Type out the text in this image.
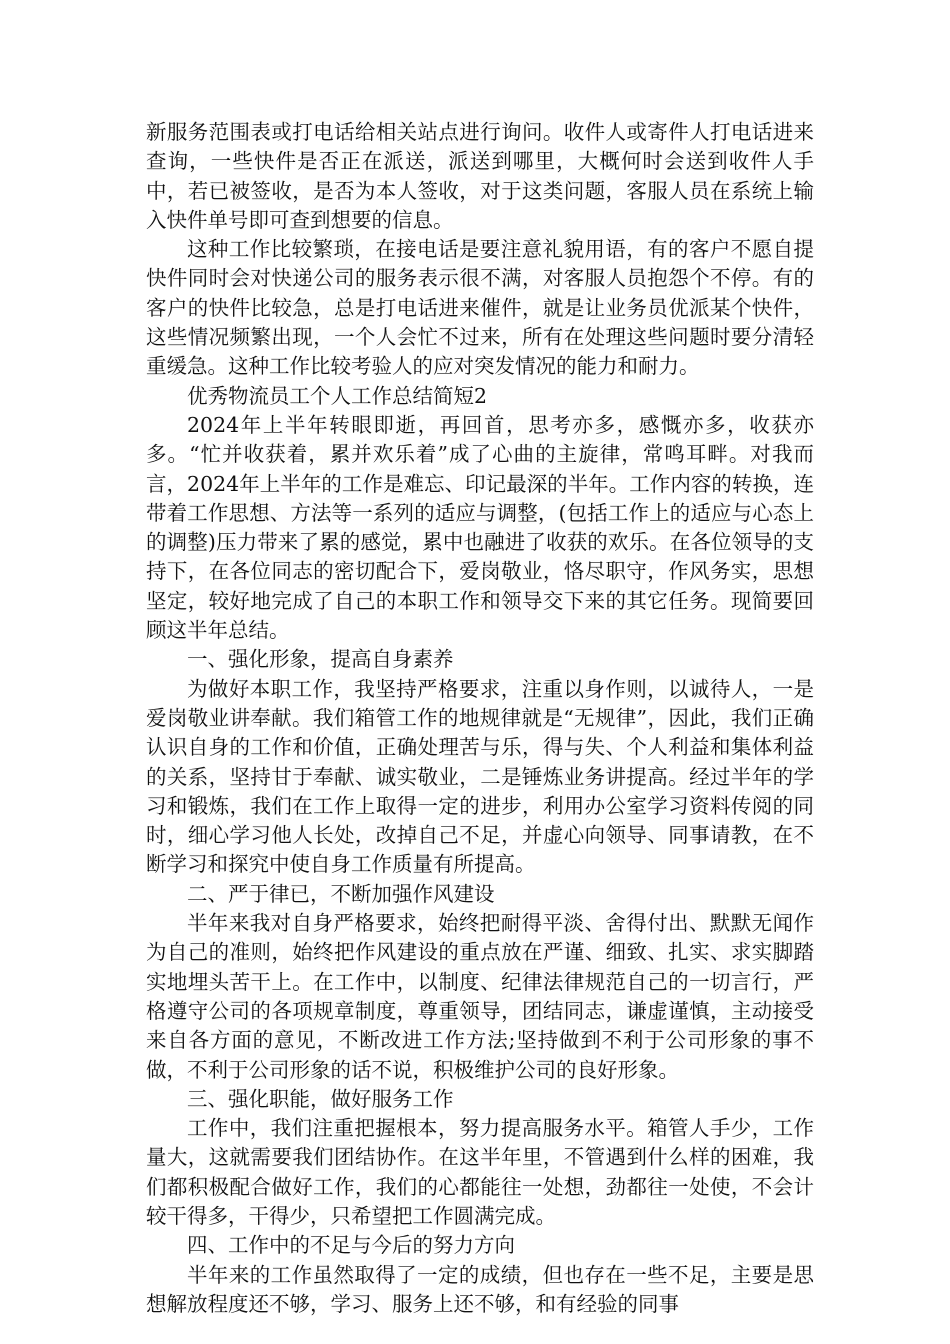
新服务范围表或打电话给相关站点进行询问。收件人或寄件人打电话进来查询，一些快件是否正在派送，派送到哪里，大概何时会送到收件人手中，若已被签收，是否为本人签收，对于这类问题，客服人员在系统上输入快件单号即可查到想要的信息。

这种工作比较繁琐，在接电话是要注意礼貌用语，有的客户不愿自提快件同时会对快递公司的服务表示很不满，对客服人员抱怨个不停。有的客户的快件比较急，总是打电话进来催件，就是让业务员优派某个快件，这些情况频繁出现，一个人会忙不过来，所有在处理这些问题时要分清轻重缓急。这种工作比较考验人的应对突发情况的能力和耐力。

优秀物流员工个人工作总结简短2

2024年上半年转眼即逝，再回首，思考亦多，感慨亦多，收获亦多。“忙并收获着，累并欢乐着”成了心曲的主旋律，常鸣耳畔。对我而言，2024年上半年的工作是难忘、印记最深的半年。工作内容的转换，连带着工作思想、方法等一系列的适应与调整，(包括工作上的适应与心态上的调整)压力带来了累的感觉，累中也融进了收获的欢乐。在各位领导的支持下，在各位同志的密切配合下，爱岗敬业，恪尽职守，作风务实，思想坚定，较好地完成了自己的本职工作和领导交下来的其它任务。现简要回顾这半年总结。

一、强化形象，提高自身素养

为做好本职工作，我坚持严格要求，注重以身作则，以诚待人，一是爱岗敬业讲奉献。我们箱管工作的地规律就是“无规律”，因此，我们正确认识自身的工作和价值，正确处理苦与乐，得与失、个人利益和集体利益的关系，坚持甘于奉献、诚实敬业，二是锤炼业务讲提高。经过半年的学习和锻炼，我们在工作上取得一定的进步，利用办公室学习资料传阅的同时，细心学习他人长处，改掉自己不足，并虚心向领导、同事请教，在不断学习和探究中使自身工作质量有所提高。

二、严于律已，不断加强作风建设

半年来我对自身严格要求，始终把耐得平淡、舍得付出、默默无闻作为自己的准则，始终把作风建设的重点放在严谨、细致、扎实、求实脚踏实地埋头苦干上。在工作中，以制度、纪律法律规范自己的一切言行，严格遵守公司的各项规章制度，尊重领导，团结同志，谦虚谨慎，主动接受来自各方面的意见，不断改进工作方法;坚持做到不利于公司形象的事不做，不利于公司形象的话不说，积极维护公司的良好形象。

三、强化职能，做好服务工作

工作中，我们注重把握根本，努力提高服务水平。箱管人手少，工作量大，这就需要我们团结协作。在这半年里，不管遇到什么样的困难，我们都积极配合做好工作，我们的心都能往一处想，劲都往一处使，不会计较干得多，干得少，只希望把工作圆满完成。

四、工作中的不足与今后的努力方向

半年来的工作虽然取得了一定的成绩，但也存在一些不足，主要是思想解放程度还不够，学习、服务上还不够，和有经验的同事
